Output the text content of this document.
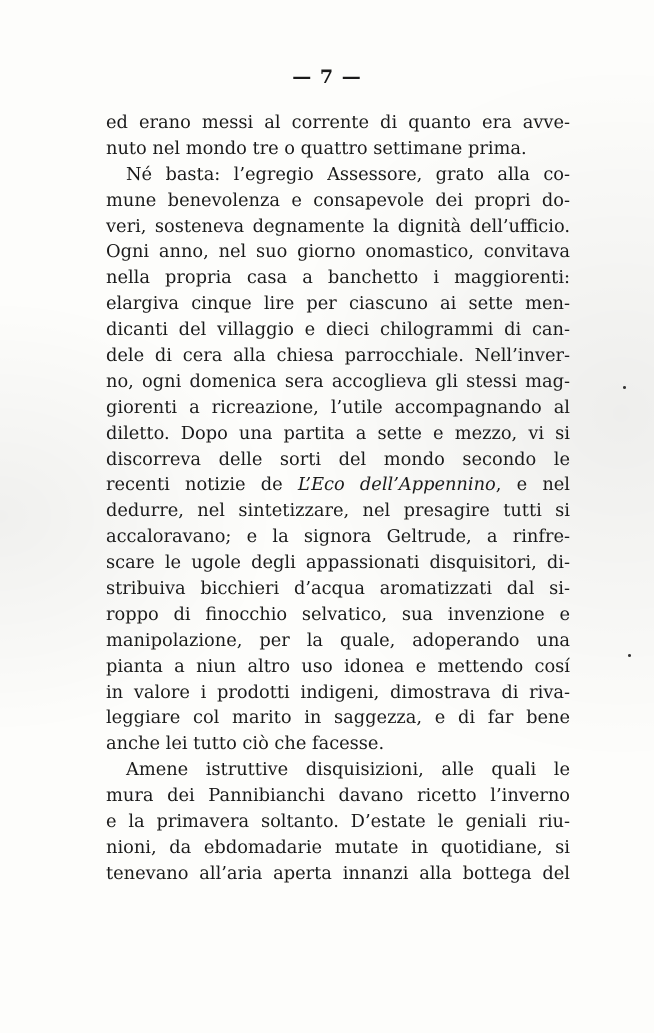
— 7 —
ed erano messi al corrente di quanto era avve-
nuto nel mondo tre o quattro settimane prima.
Né basta: l’egregio Assessore, grato alla co-
mune benevolenza e consapevole dei propri do-
veri, sosteneva degnamente la dignità dell’ufficio.
Ogni anno, nel suo giorno onomastico, convitava
nella propria casa a banchetto i maggiorenti:
elargiva cinque lire per ciascuno ai sette men-
dicanti del villaggio e dieci chilogrammi di can-
dele di cera alla chiesa parrocchiale. Nell’inver-
no, ogni domenica sera accoglieva gli stessi mag-
giorenti a ricreazione, l’utile accompagnando al
diletto. Dopo una partita a sette e mezzo, vi si
discorreva delle sorti del mondo secondo le
recenti notizie de L’Eco dell’Appennino, e nel
dedurre, nel sintetizzare, nel presagire tutti si
accaloravano; e la signora Geltrude, a rinfre-
scare le ugole degli appassionati disquisitori, di-
stribuiva bicchieri d’acqua aromatizzati dal si-
roppo di finocchio selvatico, sua invenzione e
manipolazione, per la quale, adoperando una
pianta a niun altro uso idonea e mettendo cosí
in valore i prodotti indigeni, dimostrava di riva-
leggiare col marito in saggezza, e di far bene
anche lei tutto ciò che facesse.
Amene istruttive disquisizioni, alle quali le
mura dei Pannibianchi davano ricetto l’inverno
e la primavera soltanto. D’estate le geniali riu-
nioni, da ebdomadarie mutate in quotidiane, si
tenevano all’aria aperta innanzi alla bottega del
